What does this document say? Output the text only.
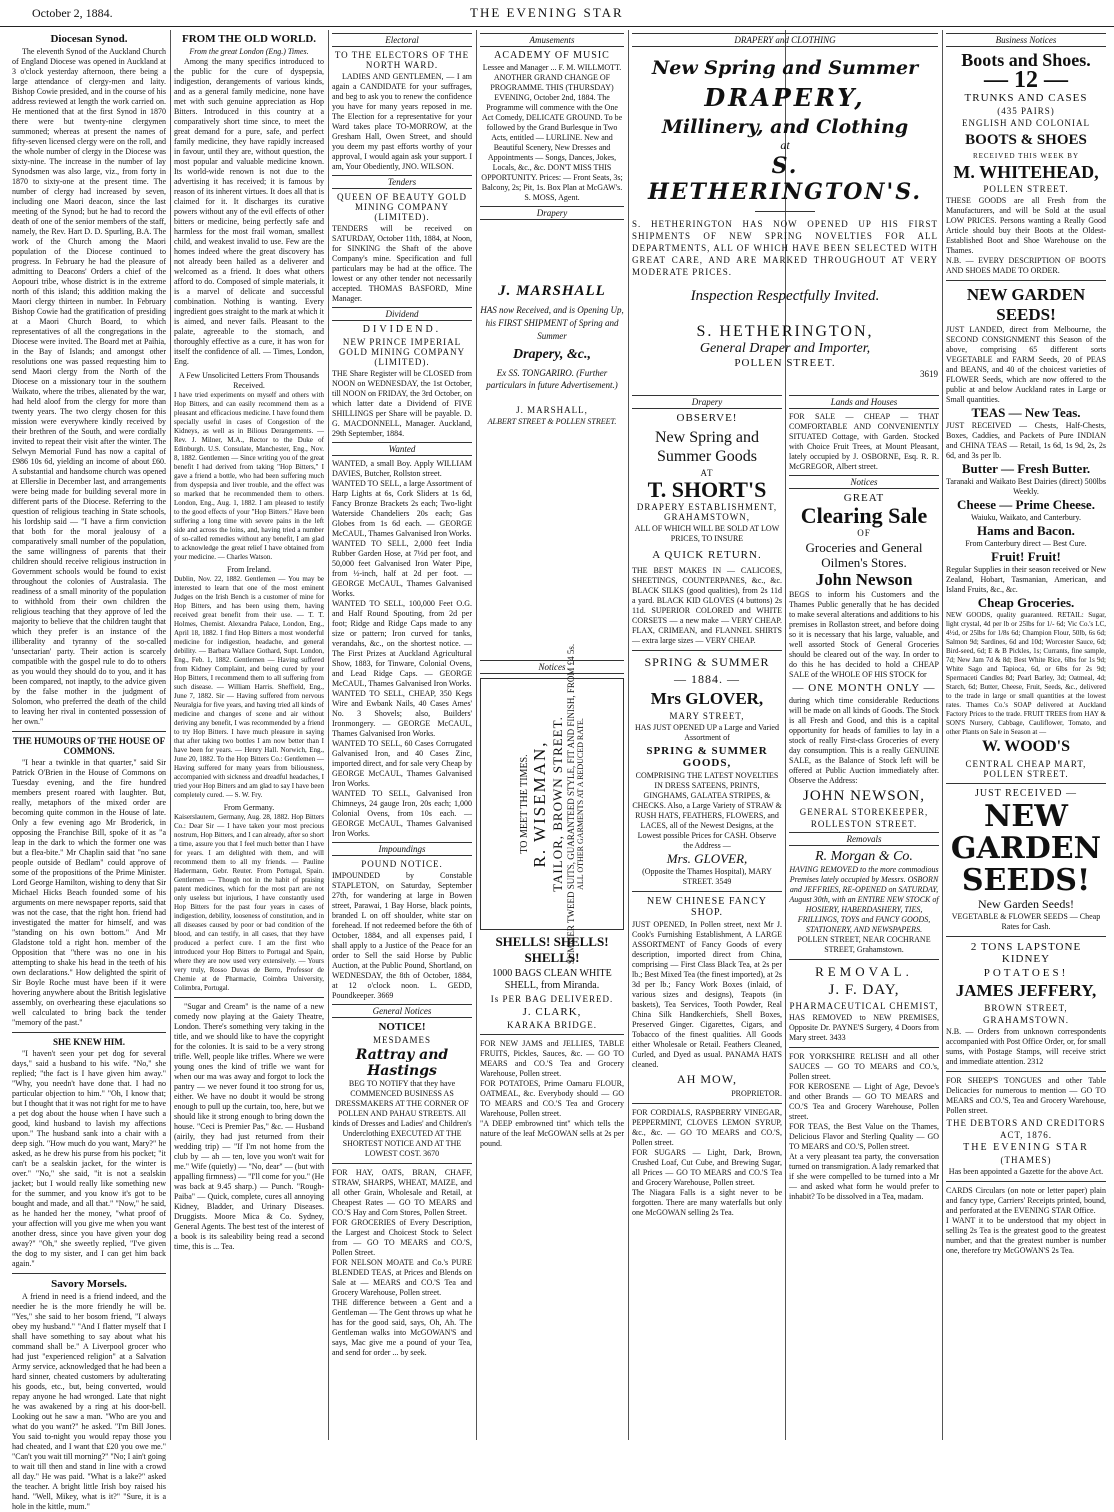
October 2, 1884.	THE EVENING STAR

Diocesan Synod.

The eleventh Synod of the Auckland Church of England Diocese was opened in Auckland at 3 o'clock yesterday afternoon, there being a large attendance of clergy-men and laity. Bishop Cowie presided, and in the course of his address reviewed at length the work carried on. He mentioned that at the first Synod in 1870 there were but twenty-nine clergymen summoned; whereas at present the names of fifty-seven licensed clergy were on the roll, and the whole number of clergy in the Diocese was sixty-nine. The increase in the number of lay Synodsmen was also large, viz., from forty in 1870 to sixty-one at the present time. The number of clergy had increased by seven, including one Maori deacon, since the last meeting of the Synod; but he had to record the death of one of the senior members of the staff, namely, the Rev. Hart D. D. Spurling, B.A. The work of the Church among the Maori population of the Diocese continued to progress. In February he had the pleasure of admitting to Deacons' Orders a chief of the Aopouri tribe, whose district is in the extreme north of this island; this addition making the Maori clergy thirteen in number. In February Bishop Cowie had the gratification of presiding at a Maori Church Board, to which representatives of all the congregations in the Diocese were invited. The Board met at Paihia, in the Bay of Islands; and amongst other resolutions one was passed requesting him to send Maori clergy from the North of the Diocese on a missionary tour in the southern Waikato, where the tribes, alienated by the war, had held aloof from the clergy for more than twenty years. The two clergy chosen for this mission were everywhere kindly received by their brethren of the South, and were cordially invited to repeat their visit after the winter. The Selwyn Memorial Fund has now a capital of £986 10s 6d, yielding an income of about £60. A substantial and handsome church was opened at Ellerslie in December last, and arrangements were being made for building several more in different parts of the Diocese. Referring to the question of religious teaching in State schools, his lordship said — "I have a firm conviction that both for the moral jealousy of a comparatively small number of the population, the same willingness of parents that their children should receive religious instruction in Government schools would be found to exist throughout the colonies of Australasia. The readiness of a small minority of the population to withhold from their own children the religious teaching that they approve of led the majority to believe that the children taught that which they prefer is an instance of the illiberality and tyranny of the so-called 'unsectarian' party. Their action is scarcely compatible with the gospel rule to do to others as you would they should do to you, and it has been compared, not inaptly, to the advice given by the false mother in the judgment of Solomon, who preferred the death of the child to leaving her rival in contented possession of her own."

THE HUMOURS OF THE HOUSE OF COMMONS.

"I hear a twinkle in that quarter," said Sir Patrick O'Brien in the House of Commons on Tuesday evening, and the fire hundred members present roared with laughter. But, really, metaphors of the mixed order are becoming quite common in the House of late. Only a few evening ago Mr Broderick, in opposing the Franchise Bill, spoke of it as "a leap in the dark to which the former one was but a flea-bite." Mr Chaplin said that "no sane people outside of Bedlam" could approve of some of the propositions of the Prime Minister. Lord George Hamilton, wishing to deny that Sir Michael Hicks Beach founded some of his arguments on mere newspaper reports, said that was not the case, that the right hon. friend had investigated the matter for himself, and was "standing on his own bottom." And Mr Gladstone told a right hon. member of the Opposition that "there was no one in his attempting to shake his head in the teeth of his own declarations." How delighted the spirit of Sir Boyle Roche must have been if it were hovering anywhere about the British legislative assembly, on overhearing these ejaculations so well calculated to bring back the tender "memory of the past."

SHE KNEW HIM.

"I haven't seen your pet dog for several days," said a husband to his wife. "No," she replied; "the fact is I have given him away." "Why, you needn't have done that. I had no particular objection to him." "Oh, I know that; but I thought that it was not right for me to have a pet dog about the house when I have such a good, kind husband to lavish my affections upon." The husband sank into a chair with a deep sigh. "How much do you want, Mary?" he asked, as he drew his purse from his pocket; "it can't be a sealskin jacket, for the winter is over." "No," she said, "it is not a sealskin jacket; but I would really like something new for the summer, and you know it's got to be bought and made, and all that." "Now," he said, as he handed her the money, "what proof of your affection will you give me when you want another dress, since you have given your dog away?" "Oh," she sweetly replied, "I've given the dog to my sister, and I can get him back again."

Savory Morsels.

A friend in need is a friend indeed, and the needier he is the more friendly he will be. "Yes," she said to her bosom friend, "I always obey my husband." "And I flatter myself that I shall have something to say about what his command shall be." A Liverpool grocer who had just "experienced religion" at a Salvation Army service, acknowledged that he had been a hard sinner, cheated customers by adulterating his goods, etc., but, being converted, would repay anyone he had wronged. Late that night he was awakened by a ring at his door-bell. Looking out he saw a man. "Who are you and what do you want?" he asked. "I'm Bill Jones. You said to-night you would repay those you had cheated, and I want that £20 you owe me." "Can't you wait till morning?" "No; I ain't going to wait till then and stand in line with a crowd all day." He was paid. "What is a lake?" asked the teacher. A bright little Irish boy raised his hand. "Well, Mikey, what is it?" "Sure, it is a hole in the kittle, mum."

FROM THE OLD WORLD.

From the great London (Eng.) Times.

Among the many specifics introduced to the public for the cure of dyspepsia, indigestion, derangements of various kinds, and as a general family medicine, none have met with such genuine appreciation as Hop Bitters. Introduced in this country at a comparatively short time since, to meet the great demand for a pure, safe, and perfect family medicine, they have rapidly increased in favour, until they are, without question, the most popular and valuable medicine known. Its world-wide renown is not due to the advertising it has received; it is famous by reason of its inherent virtues. It does all that is claimed for it. It discharges its curative powers without any of the evil effects of other bitters or medicine, being perfectly safe and harmless for the most frail woman, smallest child, and weakest invalid to use. Few are the homes indeed where the great discovery has not already been hailed as a deliverer and welcomed as a friend. It does what others afford to do. Composed of simple materials, it is a marvel of delicate and successful combination. Nothing is wanting. Every ingredient goes straight to the mark at which it is aimed, and never fails. Pleasant to the palate, agreeable to the stomach, and thoroughly effective as a cure, it has won for itself the confidence of all. — Times, London, Eng.

A Few Unsolicited Letters From Thousands Received.

I have tried experiments on myself and others with Hop Bitters, and can easily recommend them as a pleasant and efficacious medicine. I have found them specially useful in cases of Congestion of the Kidneys, as well as in Bilious Derangements. — Rev. J. Milner, M.A., Rector to the Duke of Edinburgh. U.S. Consulate, Manchester, Eng., Nov. 8, 1882. Gentlemen — Since writing you of the great benefit I had derived from taking "Hop Bitters," I gave a friend a bottle, who had been suffering much from dyspepsia and liver trouble, and the effect was so marked that he recommended them to others. London, Eng., Aug. 1, 1882. I am pleased to testify to the good effects of your "Hop Bitters." Have been suffering a long time with severe pains in the left side and across the loins, and, having tried a number of so-called remedies without any benefit, I am glad to acknowledge the great relief I have obtained from your medicine. — Charles Watson.

From Ireland.

Dublin, Nov. 22, 1882. Gentlemen — You may be interested to learn that one of the most eminent Judges on the Irish Bench is a customer of mine for Hop Bitters, and has been using them, having received great benefit from their use. — T. T. Holmes, Chemist. Alexandra Palace, London, Eng., April 18, 1882. I find Hop Bitters a most wonderful medicine for indigestion, headache, and general debility. — Barbara Wallace Gothard, Supt. London, Eng., Feb. 1, 1882. Gentlemen — Having suffered from Kidney Complaint, and being cured by your Hop Bitters, I recommend them to all suffering from such disease. — William Harris. Sheffield, Eng., June 7, 1882. Sir — Having suffered from nervous Neuralgia for five years, and having tried all kinds of medicine and changes of scene and air without deriving any benefit, I was recommended by a friend to try Hop Bitters. I have much pleasure in saying that after taking two bottles I am now better than I have been for years. — Henry Hall. Norwich, Eng., June 20, 1882. To the Hop Bitters Co.: Gentlemen — Having suffered for many years from biliousness, accompanied with sickness and dreadful headaches, I tried your Hop Bitters and am glad to say I have been completely cured. — S. W. Fry.

From Germany.

Kaiserslautern, Germany, Aug. 28, 1882. Hop Bitters Co.: Dear Sir — I have taken your most precious nostrum, Hop Bitters, and I can already, after so short a time, assure you that I feel much better than I have for years. I am delighted with them, and will recommend them to all my friends. — Pauline Hadermann, Gebr. Reuter. From Portugal, Spain. Gentlemen — Though not in the habit of praising patent medicines, which for the most part are not only useless but injurious, I have constantly used Hop Bitters for the past four years in cases of indigestion, debility, looseness of constitution, and in all diseases caused by poor or bad condition of the blood, and can testify, in all cases, that they have produced a perfect cure. I am the first who introduced your Hop Bitters to Portugal and Spain, where they are now used very extensively. — Yours very truly, Rosso Duvas de Berro, Professor de Chemie at de Pharmacie, Coimbra University, Colimbra, Portugal.

"Sugar and Cream" is the name of a new comedy now playing at the Gaiety Theatre, London. There's something very taking in the title, and we should like to have the copyright for the colonies. It is said to be a very strong trifle. Well, people like trifles. Where we were young ones the kind of trifle we want for when our ma was away and forgot to lock the pantry — we never found it too strong for us, either. We have no doubt it would be strong enough to pull up the curtain, too, here, but we should like it strong enough to bring down the house. "Ceci is Premier Pas," &c. — Husband (airily, they had just returned from their wedding trip) — "If I'm not home from the club by — ah — ten, love you won't wait for me." Wife (quietly) — "No, dear" — (but with appalling firmness) — "I'll come for you." (He was back at 9.45 sharp.) — Punch. "Rough-Paiba" — Quick, complete, cures all annoying Kidney, Bladder, and Urinary Diseases. Druggists. Moore Mica & Co. Sydney, General Agents. The best test of the interest of a book is its saleability being read a second time, this is ... Tea.

Electoral

TO THE ELECTORS OF THE NORTH WARD.

LADIES AND GENTLEMEN, — I am again a CANDIDATE for your suffrages, and beg to ask you to renew the confidence you have for many years reposed in me. The Election for a representative for your Ward takes place TO-MORROW, at the Gresham Hall, Owen Street, and should you deem my past efforts worthy of your approval, I would again ask your support. I am, Your Obediently, JNO. WILSON.

Tenders

QUEEN OF BEAUTY GOLD MINING COMPANY (LIMITED).

TENDERS will be received on SATURDAY, October 11th, 1884, at Noon, for SINKING the Shaft of the above Company's mine. Specification and full particulars may be had at the office. The lowest or any other tender not necessarily accepted. THOMAS BASFORD, Mine Manager.

Dividend

DIVIDEND.

NEW PRINCE IMPERIAL GOLD MINING COMPANY (LIMITED).

THE Share Register will be CLOSED from NOON on WEDNESDAY, the 1st October, till NOON on FRIDAY, the 3rd October, on which latter date a Dividend of FIVE SHILLINGS per Share will be payable. D. G. MACDONNELL, Manager. Auckland, 29th September, 1884.

Wanted

WANTED, a small Boy. Apply WILLIAM DAVIES, Butcher, Rollston street.

WANTED TO SELL, a large Assortment of Harp Lights at 6s, Cork Sliders at 1s 6d, Fancy Bronze Brackets 2s each; Two-light Waterside Chandeliers 20s each; Gas Globes from 1s 6d each. — GEORGE McCAUL, Thames Galvanised Iron Works.

WANTED TO SELL, 2,000 feet India Rubber Garden Hose, at 7½d per foot, and 50,000 feet Galvanised Iron Water Pipe, from ½-inch, half at 2d per foot. — GEORGE McCAUL, Thames Galvanised Works.

WANTED TO SELL, 100,000 Feet O.G. and Half Round Spouting, from 2d per foot; Ridge and Ridge Caps made to any size or pattern; Iron curved for tanks, verandahs, &c., on the shortest notice. — The First Prizes at Auckland Agricultural Show, 1883, for Tinware, Colonial Ovens, and Lead Ridge Caps. — GEORGE McCAUL, Thames Galvanised Iron Works.

WANTED TO SELL, CHEAP, 350 Kegs Wire and Ewbank Nails, 40 Cases Ames' No. 3 Shovels; also, Builders' Ironmongery. — GEORGE McCAUL, Thames Galvanised Iron Works.

WANTED TO SELL, 60 Cases Corrugated Galvanised Iron, and 40 Cases Zinc, imported direct, and for sale very Cheap by GEORGE McCAUL, Thames Galvanised Iron Works.

WANTED TO SELL, Galvanised Iron Chimneys, 24 gauge Iron, 20s each; 1,000 Colonial Ovens, from 10s each. — GEORGE McCAUL, Thames Galvanised Iron Works.

Impoundings

POUND NOTICE.

IMPOUNDED by Constable STAPLETON, on Saturday, September 27th, for wandering at large in Bowen street, Parawai, 1 Bay Horse, black points, branded L on off shoulder, white star on forehead. If not redeemed before the 6th of October, 1884, and all expenses paid, I shall apply to a Justice of the Peace for an order to Sell the said Horse by Public Auction, at the Public Pound, Shortland, on WEDNESDAY, the 8th of October, 1884, at 12 o'clock noon. L. GEDD, Poundkeeper. 3669

General Notices

NOTICE!

MESDAMES

Rattray and Hastings

BEG TO NOTIFY that they have COMMENCED BUSINESS AS DRESSMAKERS AT THE CORNER OF POLLEN AND PAHAU STREETS. All kinds of Dresses and Ladies' and Children's Underclothing EXECUTED AT THE SHORTEST NOTICE AND AT THE LOWEST COST. 3670

FOR HAY, OATS, BRAN, CHAFF, STRAW, SHARPS, WHEAT, MAIZE, and all other Grain, Wholesale and Retail, at Cheapest Rates — GO TO MEARS and CO.'S Hay and Corn Stores, Pollen Street.

FOR GROCERIES of Every Description, the Largest and Choicest Stock to Select from — GO TO MEARS and CO.'S, Pollen Street.

FOR NELSON MOATE and Co.'s PURE BLENDED TEAS, at Prices and Blends on Sale at — MEARS and CO.'S Tea and Grocery Warehouse, Pollen street.

THE difference between a Gent and a Gentleman — The Gent throws up what he has for the good said, says, Oh, Ah. The Gentleman walks into McGOWAN'S and says, Mac give me a pound of your Tea, and send for order ... by seek.

Amusements

ACADEMY OF MUSIC

Lessee and Manager ... F. M. WILLMOTT. ANOTHER GRAND CHANGE OF PROGRAMME. THIS (THURSDAY) EVENING, October 2nd, 1884. The Programme will commence with the One Act Comedy, DELICATE GROUND. To be followed by the Grand Burlesque in Two Acts, entitled — LURLINE. New and Beautiful Scenery, New Dresses and Appointments — Songs, Dances, Jokes, Locals, &c., &c. DON'T MISS THIS OPPORTUNITY. Prices: — Front Seats, 3s; Balcony, 2s; Pit, 1s. Box Plan at McGAW's. S. MOSS, Agent.

Drapery

J. MARSHALL

HAS now Received, and is Opening Up, his FIRST SHIPMENT of Spring and Summer

Drapery, &c.,

Ex SS. TONGARIRO. (Further particulars in future Advertisement.)

J. MARSHALL,

ALBERT STREET & POLLEN STREET.

Notices

TO MEET THE TIMES. R. WISEMAN, TAILOR, BROWN STREET. SUMMER TWEED SUITS, GUARANTEED STYLE, FIT AND FINISH, FROM £4 5s. ALL OTHER GARMENTS AT A REDUCED RATE.

SHELLS! SHELLS! SHELLS!

1000 BAGS CLEAN WHITE SHELL, from Miranda.

Is PER BAG DELIVERED.

J. CLARK,

KARAKA BRIDGE.

FOR NEW JAMS and JELLIES, TABLE FRUITS, Pickles, Sauces, &c. — GO TO MEARS and CO.'S Tea and Grocery Warehouse, Pollen street.

FOR POTATOES, Prime Oamaru FLOUR, OATMEAL, &c. Everybody should — GO TO MEARS and CO.'S Tea and Grocery Warehouse, Pollen street.

"A DEEP embrowned tint" which tells the nature of the leaf McGOWAN sells at 2s per pound.

DRAPERY and CLOTHING

New Spring and Summer

DRAPERY,

Millinery, and Clothing

at

S. HETHERINGTON'S.

S. HETHERINGTON HAS NOW OPENED UP HIS FIRST SHIPMENTS OF NEW SPRING NOVELTIES FOR ALL DEPARTMENTS, ALL OF WHICH HAVE BEEN SELECTED WITH GREAT CARE, AND ARE MARKED THROUGHOUT AT VERY MODERATE PRICES.

Inspection Respectfully Invited.

S. HETHERINGTON,

General Draper and Importer,

POLLEN STREET.

3619

Drapery

OBSERVE!

New Spring and Summer Goods

AT

T. SHORT'S

DRAPERY ESTABLISHMENT, GRAHAMSTOWN,

ALL OF WHICH WILL BE SOLD AT LOW PRICES, TO INSURE

A QUICK RETURN.

THE BEST MAKES IN — CALICOES, SHEETINGS, COUNTERPANES, &c., &c. BLACK SILKS (good qualities), from 2s 11d a yard. BLACK KID GLOVES (4 buttons) 2s 11d. SUPERIOR COLORED and WHITE CORSETS — a new make — VERY CHEAP. FLAX, CRIMEAN, and FLANNEL SHIRTS — extra large sizes — VERY CHEAP.

SPRING & SUMMER

— 1884. —

Mrs GLOVER,

MARY STREET,

HAS JUST OPENED UP a Large and Varied Assortment of

SPRING & SUMMER GOODS,

COMPRISING THE LATEST NOVELTIES IN DRESS SATEENS, PRINTS, GINGHAMS, GALATEA STRIPES, & CHECKS. Also, a Large Variety of STRAW & RUSH HATS, FEATHERS, FLOWERS, and LACES, all of the Newest Designs, at the Lowest possible Prices for CASH. Observe the Address —

Mrs. GLOVER,

(Opposite the Thames Hospital), MARY STREET. 3549

NEW CHINESE FANCY SHOP.

JUST OPENED, In Pollen street, next Mr J. Cook's Furnishing Establishment, A LARGE ASSORTMENT of Fancy Goods of every description, imported direct from China, comprising — First Class Black Tea, at 2s per lb.; Best Mixed Tea (the finest imported), at 2s 3d per lb.; Fancy Work Boxes (inlaid, of various sizes and designs), Teapots (in baskets), Tea Services, Tooth Powder, Real China Silk Handkerchiefs, Shell Boxes, Preserved Ginger. Cigarettes, Cigars, and Tobacco of the finest qualities. All Goods either Wholesale or Retail. Feathers Cleaned, Curled, and Dyed as usual. PANAMA HATS cleaned.

AH MOW,

PROPRIETOR.

FOR CORDIALS, RASPBERRY VINEGAR, PEPPERMINT, CLOVES LEMON SYRUP, &c., &c. — GO TO MEARS and CO.'S, Pollen street.

FOR SUGARS — Light, Dark, Brown, Crushed Loaf, Cut Cube, and Brewing Sugar, all Prices — GO TO MEARS and CO.'S Tea and Grocery Warehouse, Pollen street.

The Niagara Falls is a sight never to be forgotten. There are many waterfalls but only one McGOWAN selling 2s Tea.

Lands and Houses

FOR SALE — CHEAP — THAT COMFORTABLE AND CONVENIENTLY SITUATED Cottage, with Garden. Stocked with Choice Fruit Trees, at Mount Pleasant, lately occupied by J. OSBORNE, Esq. R. R. McGREGOR, Albert street.

Notices

GREAT

Clearing Sale

OF

Groceries and General Oilmen's Stores.

John Newson

BEGS to inform his Customers and the Thames Public generally that he has decided to make several alterations and additions to his premises in Rollaston street, and before doing so it is necessary that his large, valuable, and well assorted Stock of General Groceries should be cleared out of the way. In order to do this he has decided to hold a CHEAP SALE of the WHOLE OF HIS STOCK for

— ONE MONTH ONLY —

during which time considerable Reductions will be made on all kinds of Goods. The Stock is all Fresh and Good, and this is a capital opportunity for heads of families to lay in a stock of really First-class Groceries of every day consumption. This is a really GENUINE SALE, as the Balance of Stock left will be offered at Public Auction immediately after. Observe the Address:

JOHN NEWSON,

GENERAL STOREKEEPER,

ROLLESTON STREET.

Removals

R. Morgan & Co.

HAVING REMOVED to the more commodious Premises lately occupied by Messrs. OSBORN and JEFFRIES, RE-OPENED on SATURDAY, August 30th, with an ENTIRE NEW STOCK of HOSIERY, HABERDASHERY, TIES, FRILLINGS, TOYS and FANCY GOODS, STATIONERY, AND NEWSPAPERS.

POLLEN STREET, NEAR COCHRANE STREET, Grahamstown.

REMOVAL.

J. F. DAY,

PHARMACEUTICAL CHEMIST,

HAS REMOVED to NEW PREMISES, Opposite Dr. PAYNE'S Surgery, 4 Doors from Mary street. 3433

FOR YORKSHIRE RELISH and all other SAUCES — GO TO MEARS and CO.'s, Pollen street.

FOR KEROSENE — Light of Age, Devoe's and other Brands — GO TO MEARS and CO.'S Tea and Grocery Warehouse, Pollen street.

FOR TEAS, the Best Value on the Thames, Delicious Flavor and Sterling Quality — GO TO MEARS and CO.'S, Pollen street.

At a very pleasant tea party, the conversation turned on transmigration. A lady remarked that if she were compelled to be turned into a Mr — and asked what form he would prefer to inhabit? To be dissolved in a Tea, madam.

Business Notices

Boots and Shoes.

— 12 —

TRUNKS AND CASES

(435 PAIRS)

ENGLISH AND COLONIAL

BOOTS & SHOES

RECEIVED THIS WEEK BY

M. WHITEHEAD,

POLLEN STREET.

THESE GOODS are all Fresh from the Manufacturers, and will be Sold at the usual LOW PRICES. Persons wanting a Really Good Article should buy their Boots at the Oldest-Established Boot and Shoe Warehouse on the Thames.

N.B. — EVERY DESCRIPTION OF BOOTS AND SHOES MADE TO ORDER.

NEW GARDEN SEEDS!

JUST LANDED, direct from Melbourne, the SECOND CONSIGNMENT this Season of the above, comprising 65 different sorts VEGETABLE and FARM Seeds, 20 of PEAS and BEANS, and 40 of the choicest varieties of FLOWER Seeds, which are now offered to the public at and below Auckland rates in Large or Small quantities.

TEAS — New Teas.

JUST RECEIVED — Chests, Half-Chests, Boxes, Caddies, and Packets of Pure INDIAN and CHINA TEAS — Retail, 1s 6d, 1s 9d, 2s, 2s 6d, and 3s per lb.

Butter — Fresh Butter.

Taranaki and Waikato Best Dairies (direct) 500lbs Weekly.

Cheese — Prime Cheese.

Waiuku, Waikato, and Canterbury.

Hams and Bacon.

From Canterbury direct — Best Cure.

Fruit! Fruit!

Regular Supplies in their season received or New Zealand, Hobart, Tasmanian, American, and Island Fruits, &c., &c.

Cheap Groceries.

NEW GOODS, quality guaranteed. RETAIL: Sugar, light crystal, 4d per lb or 25lbs for 1/- 6d; Vic Co.'s LC, 4½d, or 25lbs for 1/8s 6d; Champion Flour, 50lb, 6s 6d; Salmon 9d; Sardines, 6d and 10d; Worcester Sauce, 6d; Bird-seed, 6d; E & B Pickles, 1s; Currants, fine sample, 7d; New Jam 7d & 8d; Best White Rice, 6lbs for 1s 9d; White Sago and Tapioca, 6d, or 6lbs for 2s 9d; Spermaceti Candles 8d; Pearl Barley, 3d; Oatmeal, 4d; Starch, 6d; Butter, Cheese, Fruit, Seeds, &c., delivered to the trade in large or small quantities at the lowest rates. Thames Co.'s SOAP delivered at Auckland Factory Prices to the trade. FRUIT TREES from HAY & SON'S Nursery, Cabbage, Cauliflower, Tomato, and other Plants on Sale in Season at —

W. WOOD'S

CENTRAL CHEAP MART, POLLEN STREET.

JUST RECEIVED —

NEW

GARDEN

SEEDS!

New Garden Seeds!

VEGETABLE & FLOWER SEEDS — Cheap Rates for Cash.

2 TONS LAPSTONE KIDNEY

POTATOES!

JAMES JEFFERY,

BROWN STREET,

GRAHAMSTOWN.

N.B. — Orders from unknown correspondents accompanied with Post Office Order, or, for small sums, with Postage Stamps, will receive strict and immediate attention. 2312

FOR SHEEP'S TONGUES and other Table Delicacies for numerous to mention — GO TO MEARS and CO.'S, Tea and Grocery Warehouse, Pollen street.

THE DEBTORS AND CREDITORS

ACT, 1876.

THE EVENING STAR

(THAMES)

Has been appointed a Gazette for the above Act.

CARDS Circulars (on note or letter paper) plain and fancy type, Carriers' Receipts printed, bound, and perforated at the EVENING STAR Office.

I WANT it to be understood that my object in selling 2s Tea is the greatest good to the greatest number, and that the greatest number is number one, therefore try McGOWAN'S 2s Tea.
